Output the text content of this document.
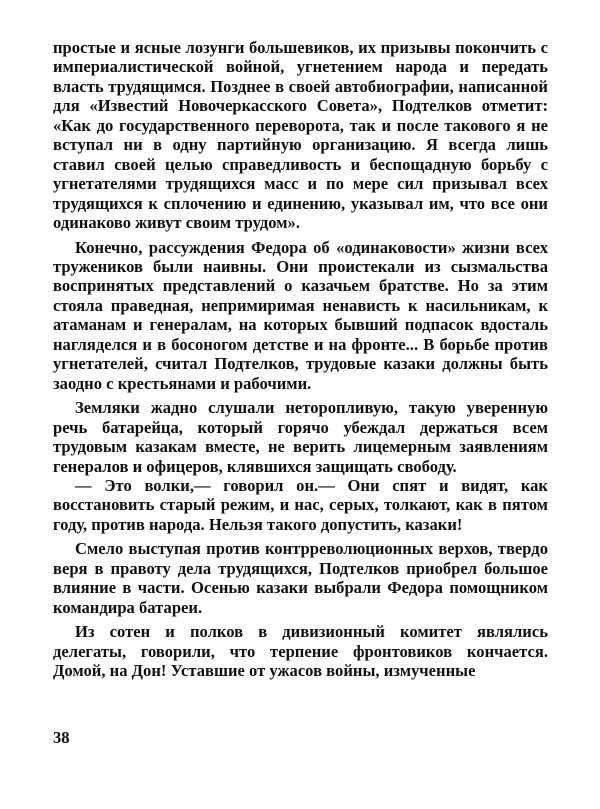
простые и ясные лозунги большевиков, их призывы покончить с империалистической войной, угнетением народа и передать власть трудящимся. Позднее в своей автобиографии, написанной для «Известий Новочеркасского Совета», Подтелков отметит: «Как до государственного переворота, так и после такового я не вступал ни в одну партийную организацию. Я всегда лишь ставил своей целью справедливость и беспощадную борьбу с угнетателями трудящихся масс и по мере сил призывал всех трудящихся к сплочению и единению, указывал им, что все они одинаково живут своим трудом».

Конечно, рассуждения Федора об «одинаковости» жизни всех тружеников были наивны. Они проистекали из сызмальства воспринятых представлений о казачьем братстве. Но за этим стояла праведная, непримиримая ненависть к насильникам, к атаманам и генералам, на которых бывший подпасок вдосталь нагляделся и в босоногом детстве и на фронте... В борьбе против угнетателей, считал Подтелков, трудовые казаки должны быть заодно с крестьянами и рабочими.

Земляки жадно слушали неторопливую, такую уверенную речь батарейца, который горячо убеждал держаться всем трудовым казакам вместе, не верить лицемерным заявлениям генералов и офицеров, клявшихся защищать свободу.

— Это волки,— говорил он.— Они спят и видят, как восстановить старый режим, и нас, серых, толкают, как в пятом году, против народа. Нельзя такого допустить, казаки!

Смело выступая против контрреволюционных верхов, твердо веря в правоту дела трудящихся, Подтелков приобрел большое влияние в части. Осенью казаки выбрали Федора помощником командира батареи.

Из сотен и полков в дивизионный комитет являлись делегаты, говорили, что терпение фронтовиков кончается. Домой, на Дон! Уставшие от ужасов войны, измученные

38
